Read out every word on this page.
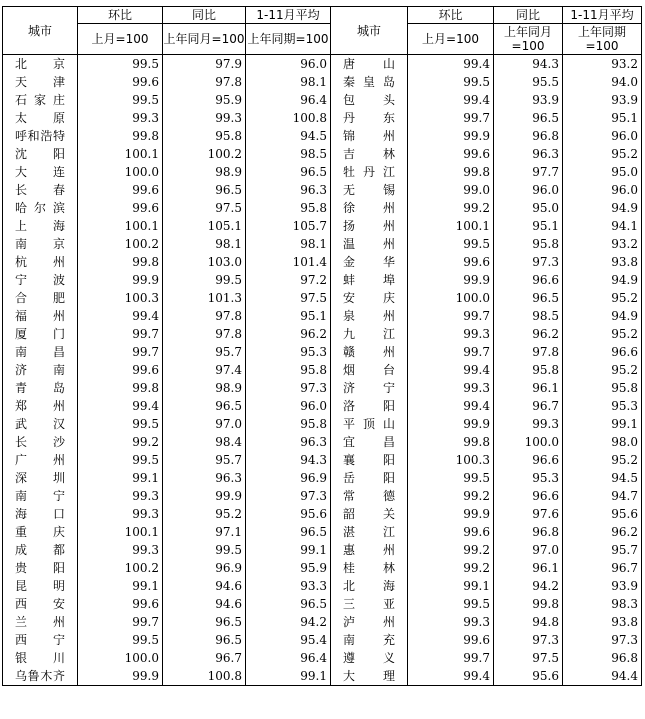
城市	环比	同比	1-11月平均	城市	环比	同比	1-11月平均
	上月=100	上年同月=100	上年同期=100		上月=100	上年同月=100	上年同期=100
北京	99.5	97.9	96.0	唐山	99.4	94.3	93.2
天津	99.6	97.8	98.1	秦皇岛	99.5	95.5	94.0
石家庄	99.5	95.9	96.4	包头	99.4	93.9	93.9
太原	99.3	99.3	100.8	丹东	99.7	96.5	95.1
呼和浩特	99.8	95.8	94.5	锦州	99.9	96.8	96.0
沈阳	100.1	100.2	98.5	吉林	99.6	96.3	95.2
大连	100.0	98.9	96.5	牡丹江	99.8	97.7	95.0
长春	99.6	96.5	96.3	无锡	99.0	96.0	96.0
哈尔滨	99.6	97.5	95.8	徐州	99.2	95.0	94.9
上海	100.1	105.1	105.7	扬州	100.1	95.1	94.1
南京	100.2	98.1	98.1	温州	99.5	95.8	93.2
杭州	99.8	103.0	101.4	金华	99.6	97.3	93.8
宁波	99.9	99.5	97.2	蚌埠	99.9	96.6	94.9
合肥	100.3	101.3	97.5	安庆	100.0	96.5	95.2
福州	99.4	97.8	95.1	泉州	99.7	98.5	94.9
厦门	99.7	97.8	96.2	九江	99.3	96.2	95.2
南昌	99.7	95.7	95.3	赣州	99.7	97.8	96.6
济南	99.6	97.4	95.8	烟台	99.4	95.8	95.2
青岛	99.8	98.9	97.3	济宁	99.3	96.1	95.8
郑州	99.4	96.5	96.0	洛阳	99.4	96.7	95.3
武汉	99.5	97.0	95.8	平顶山	99.9	99.3	99.1
长沙	99.2	98.4	96.3	宜昌	99.8	100.0	98.0
广州	99.5	95.7	94.3	襄阳	100.3	96.6	95.2
深圳	99.1	96.3	96.9	岳阳	99.5	95.3	94.5
南宁	99.3	99.9	97.3	常德	99.2	96.6	94.7
海口	99.3	95.2	95.6	韶关	99.9	97.6	95.6
重庆	100.1	97.1	96.5	湛江	99.6	96.8	96.2
成都	99.3	99.5	99.1	惠州	99.2	97.0	95.7
贵阳	100.2	96.9	95.9	桂林	99.2	96.1	96.7
昆明	99.1	94.6	93.3	北海	99.1	94.2	93.9
西安	99.6	94.6	96.5	三亚	99.5	99.8	98.3
兰州	99.7	96.5	94.2	泸州	99.3	94.8	93.8
西宁	99.5	96.5	95.4	南充	99.6	97.3	97.3
银川	100.0	96.7	96.4	遵义	99.7	97.5	96.8
乌鲁木齐	99.9	100.8	99.1	大理	99.4	95.6	94.4
